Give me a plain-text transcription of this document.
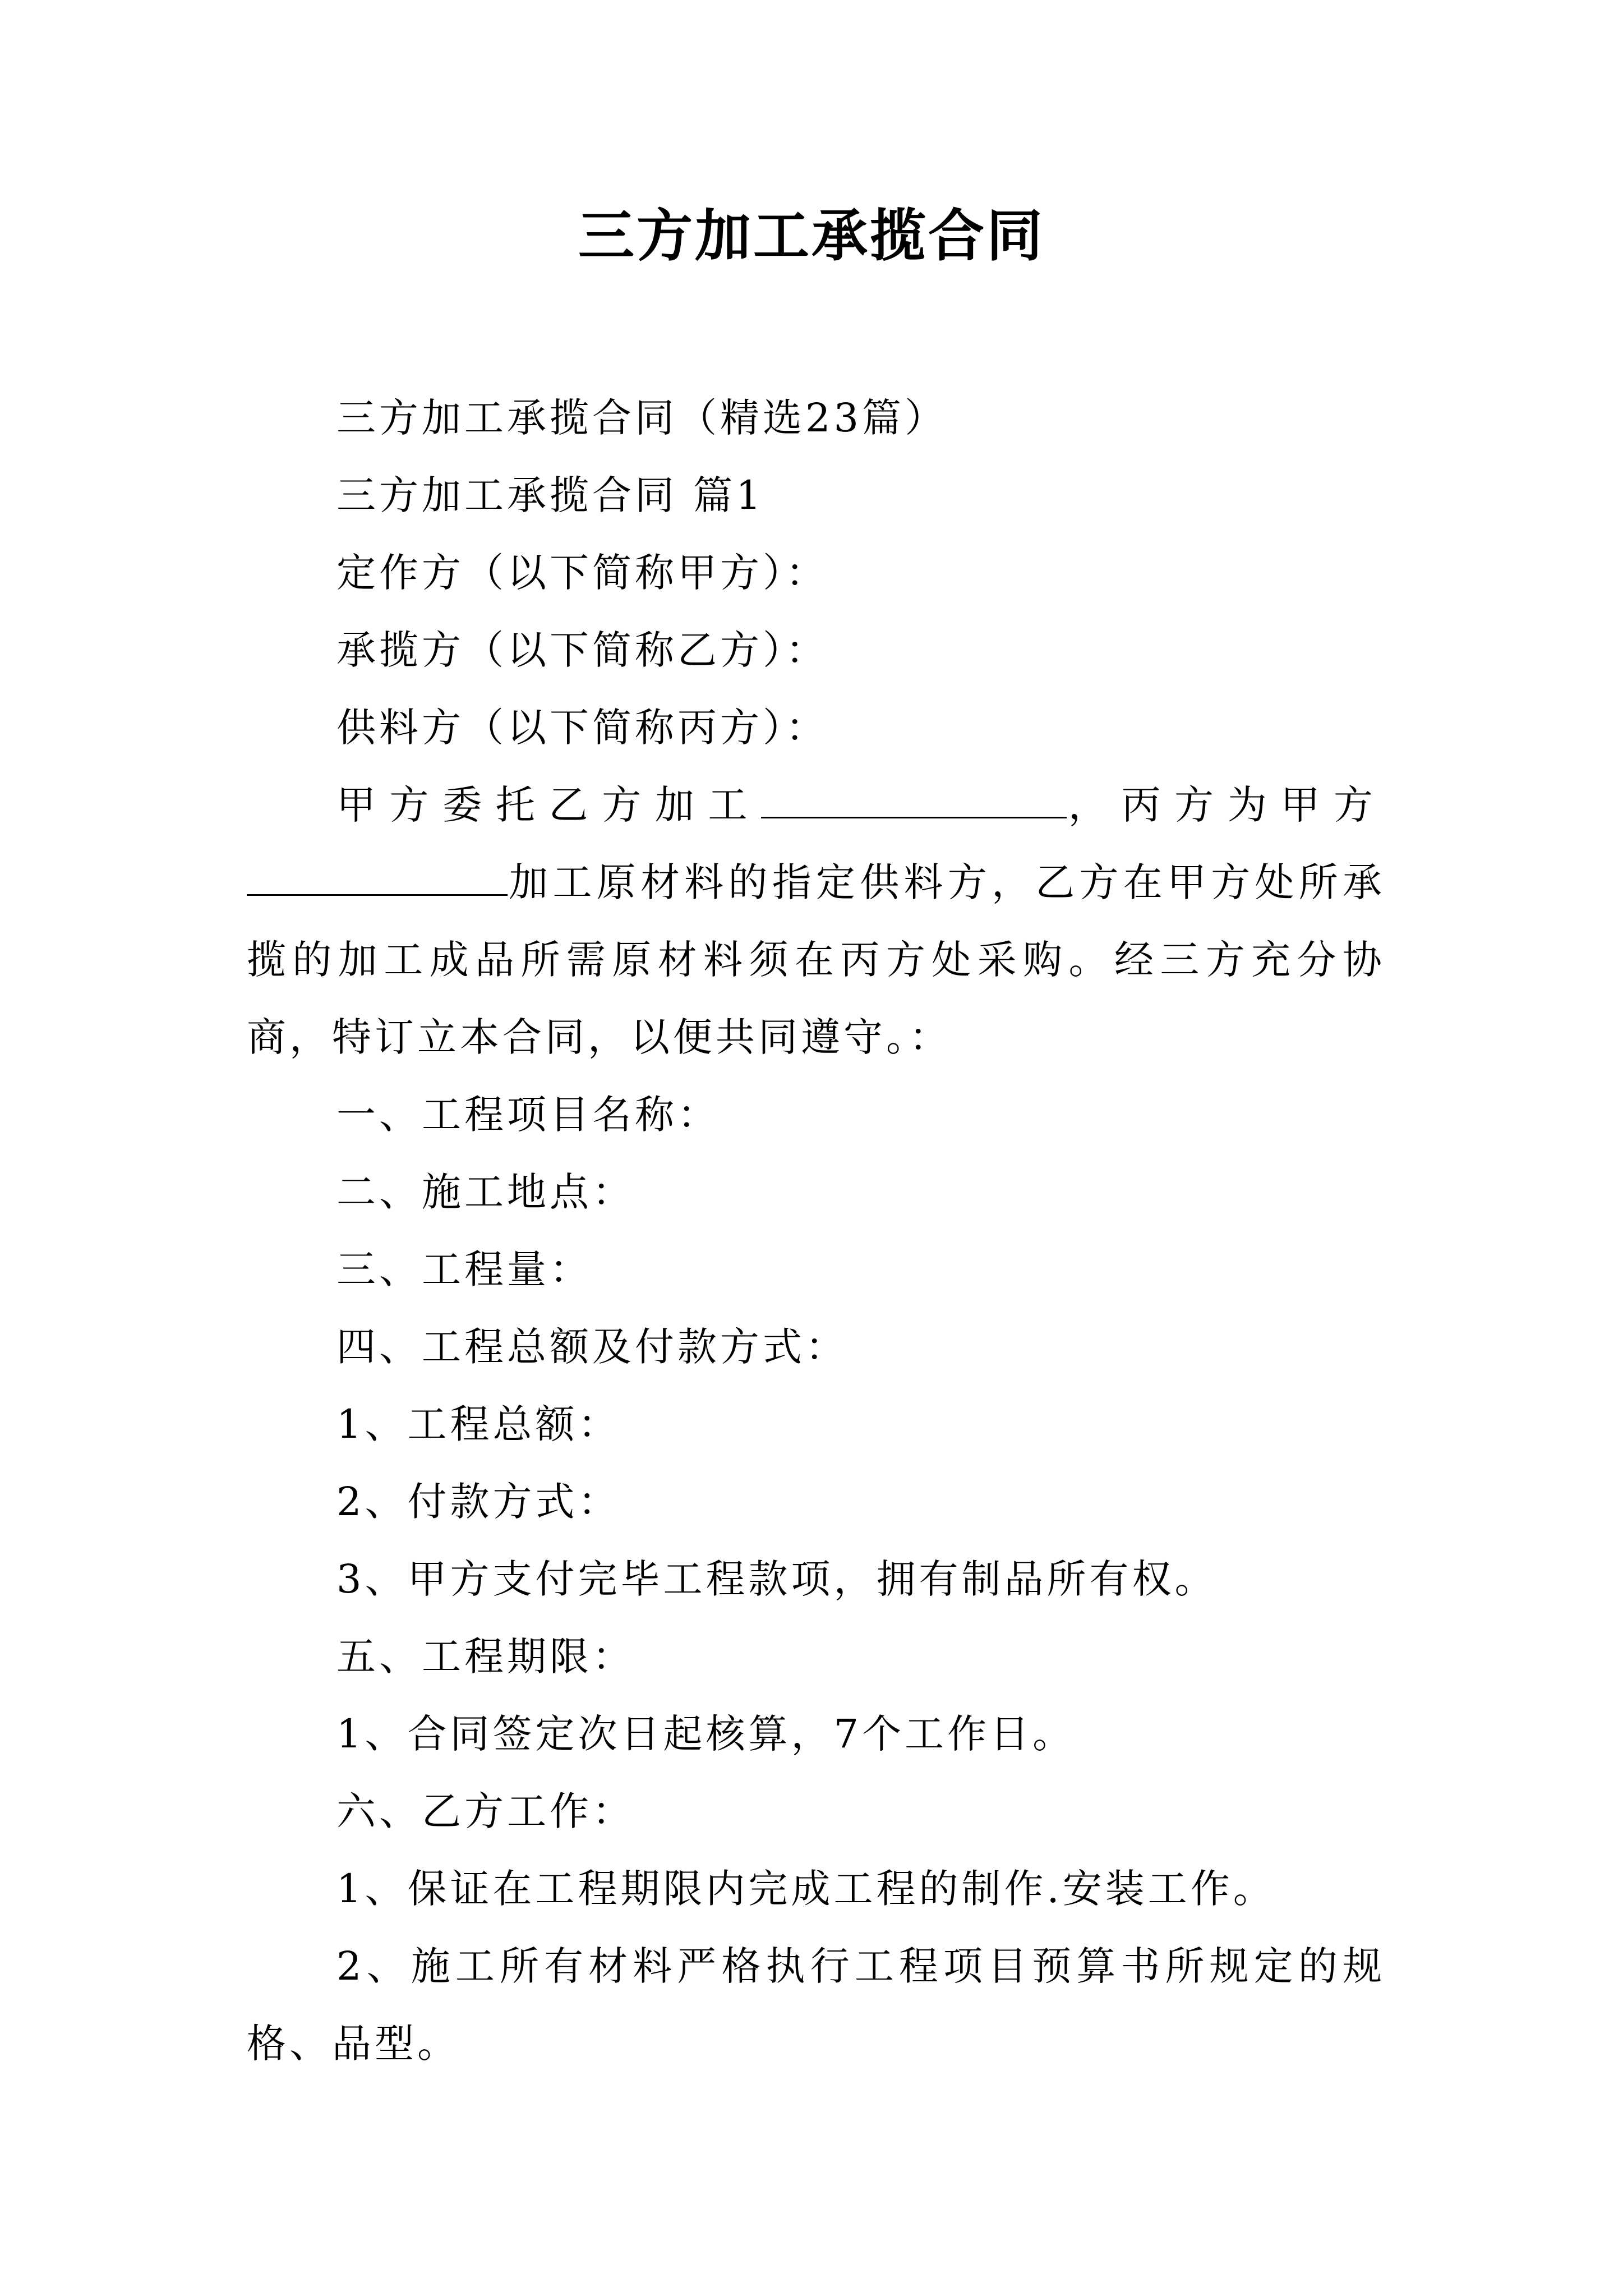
三方加工承揽合同

三方加工承揽合同（精选23篇）

三方加工承揽合同 篇1

定作方（以下简称甲方）：

承揽方（以下简称乙方）：

供料方（以下简称丙方）：

甲方委托乙方加工	，丙方为甲方加工原材料的指定供料方，乙方在甲方处所承揽的加工成品所需原材料须在丙方处采购。经三方充分协商，特订立本合同，以便共同遵守。：

一、工程项目名称：

二、施工地点：

三、工程量：

四、工程总额及付款方式：

1、工程总额：

2、付款方式：

3、甲方支付完毕工程款项，拥有制品所有权。

五、工程期限：

1、合同签定次日起核算，7个工作日。

六、乙方工作：

1、保证在工程期限内完成工程的制作.安装工作。

2、施工所有材料严格执行工程项目预算书所规定的规格、品型。
